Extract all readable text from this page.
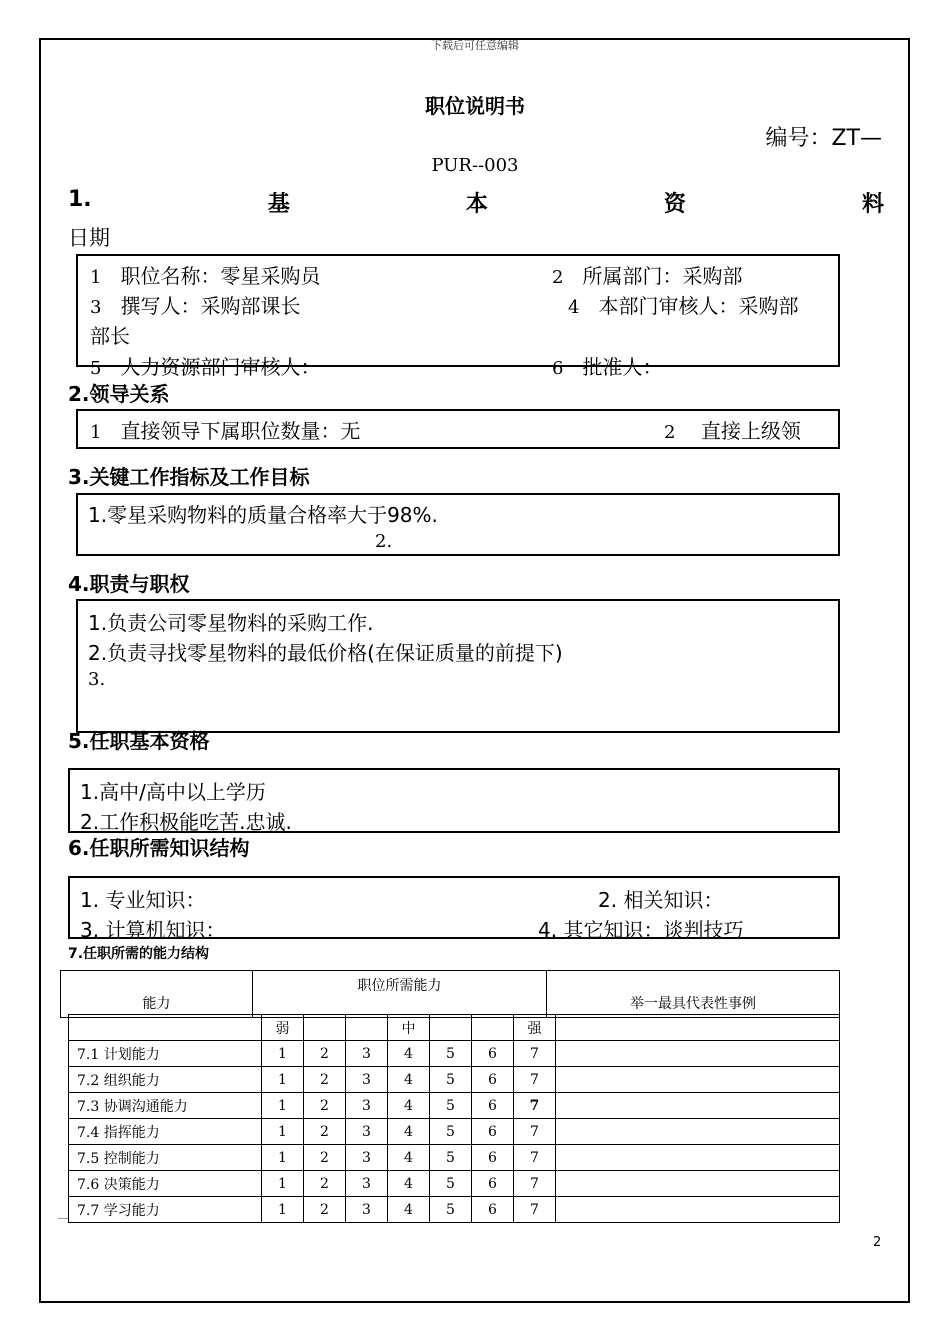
下载后可任意编辑
职位说明书
编号：ZT—
PUR--003
1.	基	本	资	料
日期
1 职位名称：零星采购员	2 所属部门：采购部
3 撰写人：采购部课长	4 本部门审核人：采购部
部长
5 人力资源部门审核人：	6 批准人：
2.领导关系
1 直接领导下属职位数量：无	2 直接上级领
3.关键工作指标及工作目标
1.零星采购物料的质量合格率大于98%.
2.
4.职责与职权
1.负责公司零星物料的采购工作.
2.负责寻找零星物料的最低价格(在保证质量的前提下)
3.
5.任职基本资格
1.高中/高中以上学历
2.工作积极能吃苦.忠诚.
6.任职所需知识结构
1. 专业知识：	2. 相关知识：
3. 计算机知识：	4. 其它知识：谈判技巧
7.任职所需的能力结构
能力	职位所需能力	举一最具代表性事例
	弱			中			强	
7.1 计划能力	1	2	3	4	5	6	7	
7.2 组织能力	1	2	3	4	5	6	7	
7.3 协调沟通能力	1	2	3	4	5	6	7	
7.4 指挥能力	1	2	3	4	5	6	7	
7.5 控制能力	1	2	3	4	5	6	7	
7.6 决策能力	1	2	3	4	5	6	7	
7.7 学习能力	1	2	3	4	5	6	7	
2
